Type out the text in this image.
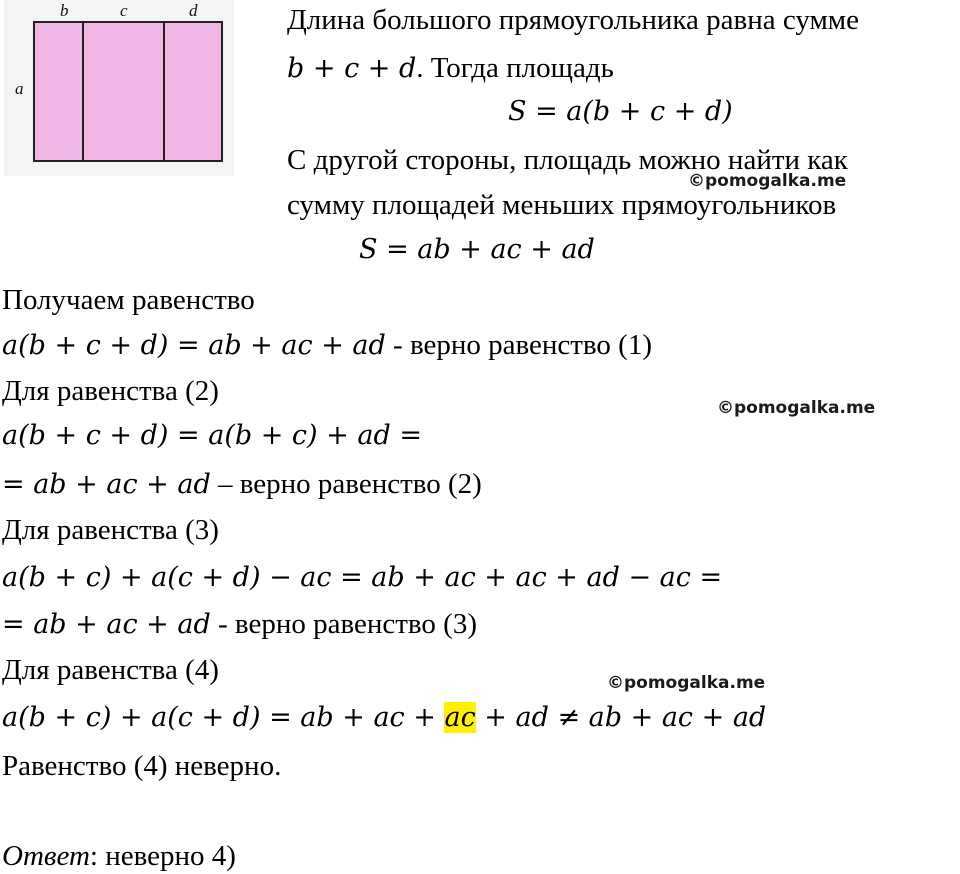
b	c	d
a
Длина большого прямоугольника равна сумме
b + c + d. Тогда площадь
S = a(b + c + d)
С другой стороны, площадь можно найти как
©pomogalka.me
сумму площадей меньших прямоугольников
S = ab + ac + ad
Получаем равенство
a(b + c + d) = ab + ac + ad - верно равенство (1)
Для равенства (2)
©pomogalka.me
a(b + c + d) = a(b + c) + ad =
= ab + ac + ad – верно равенство (2)
Для равенства (3)
a(b + c) + a(c + d) − ac = ab + ac + ac + ad − ac =
= ab + ac + ad - верно равенство (3)
Для равенства (4)	©pomogalka.me
a(b + c) + a(c + d) = ab + ac + ac + ad ≠ ab + ac + ad
Равенство (4) неверно.
Ответ: неверно 4)
